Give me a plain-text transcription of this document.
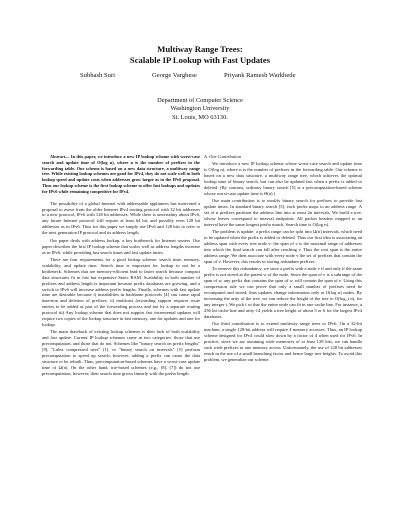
Multiway Range Trees:
Scalable IP Lookup with Fast Updates
Subhash Suri	George Varghese	Priyank Ramesh Warkhede
Department of Computer Science
Washington University
St. Louis, MO 63130.

Abstract— In this paper, we introduce a new IP lookup scheme with worst-case search and update time of O(log n), where n is the number of prefixes in the forwarding table. Our scheme is based on a new data structure, a multiway range tree. While existing lookup schemes are good for IPv4, they do not scale well in both lookup speed and update costs when addresses grow larger as in the IPv6 proposal. Thus our lookup scheme is the first lookup scheme to offer fast lookups and updates for IPv6 while remaining competitive for IPv4.

The possibility of a global Internet with addressable appliances has motivated a proposal to move from the older Internet IPv4 routing protocol with 32 bit addresses to a new protocol, IPv6 with 128 bit addresses. While there is uncertainty about IPv6, any future Internet protocol will require at least 64 bit, and possibly even 128 bit addresses as in IPv6. Thus for this paper we simply use IPv6 and 128 bits to refer to the next generation IP protocol and its address length.

Our paper deals with address lookup, a key bottleneck for Internet routers. Our paper describes the first IP lookup scheme that scales well as address lengths increase as in IPv6, while providing fast search times and fast update times.

There are four requirements for a good lookup scheme: search time, memory, scalability, and update time. Search time is important for lookup to not be a bottleneck. Schemes that are memory-efficient lead to faster search because compact data structures fit in fast but expensive Static RAM. Scalability in both number of prefixes and address length is important because prefix databases are growing, and a switch to IPv6 will increase address prefix lengths. Finally, schemes with fast update time are desirable because i) instabilities in backbone protocols [4] can cause rapid insertion and deletion of prefixes. ii) multicast forwarding support requires route entries to be added as part of the forwarding process and not by a separate routing protocol iii) Any lookup scheme that does not support fast incremental updates will require two copies of the lookup structure in fast memory, one for updates and one for lookup.

The main drawback of existing lookup schemes is their lack of both scalability and fast update. Current IP lookup schemes come in two categories: those that use precomputation, and those that do not. Schemes like "binary search on prefix lengths" [9], "Lulea compressed tries" [1], or "binary search on intervals" [5] perform precomputation to speed up search; however, adding a prefix can cause the data structure to be rebuilt. Thus, precomputation-based schemes have a worst-case update time of Ω(n). On the other hand, trie-based schemes (e.g., [8], [7]) do not use precomputation, however, their search time grows linearly with the prefix length.

A. Our Contribution

We introduce a new IP lookup scheme whose worst-case search and update time is O(log n), where n is the number of prefixes in the forwarding table. Our scheme is based on a new data structure, a multiway range tree, which achieves the optimal lookup time of binary search, but can also be updated fast when a prefix is added or deleted. (By contrast, ordinary binary search [5] is a precomputation-based scheme whose worst-case update time is Θ(n).)

Our main contribution is to modify binary search for prefixes to provide fast update times. In standard binary search [5], each prefix maps to an address range. A set of n prefixes partition the address line into at most 2n intervals. We build a tree, whose leaves correspond to interval endpoints. All packet headers mapped to an interval have the same longest prefix match. Search time is O(log n).

The problem is update: a prefix range can be split into Ω(n) intervals, which need to be updated when the prefix is added or deleted. Thus our first idea is associating an address span with every tree node v: the span of v is the maximal range of addresses into which the final search can fall after reaching v. Thus the root span is the entire address range. We then associate with every node v the set of prefixes that contain the span of v. However, this results in storing redundant prefixes.

To remove this redundancy, we store a prefix with a node v if and only if the same prefix is not stored at the parent w of the node. Since the span of v is a subrange of the span of w, any prefix that contains the span of w, will contain the span of v. Using this compression rule we can prove that only a small number of prefixes need be recomputed and stored; thus updates change information only at O(log n) nodes. By increasing the arity of the tree, we can reduce the height of the tree to O(log_t n), for any integer t. We pick t so that the entire node can fit in one cache line. For instance, a 256 bit cache line and arity-14 yields a tree height of about 5 or 6 for the largest IPv4 databases.

Our third contribution is to extend multiway range trees to IPv6. On a 32-bit machine, a single 128-bit address will require 4 memory accesses. Thus, an IP lookup scheme designed for IPv4 could slow down by a factor of 4 when used for IPv6. In practice, since we are assuming wide memories of at least 128 bits, we can handle such wide prefixes in one memory access. Unfortunately, the use of 128 bit addresses result in the use of a small branching factor and hence large tree heights. To avoid this problem, we generalize our scheme
